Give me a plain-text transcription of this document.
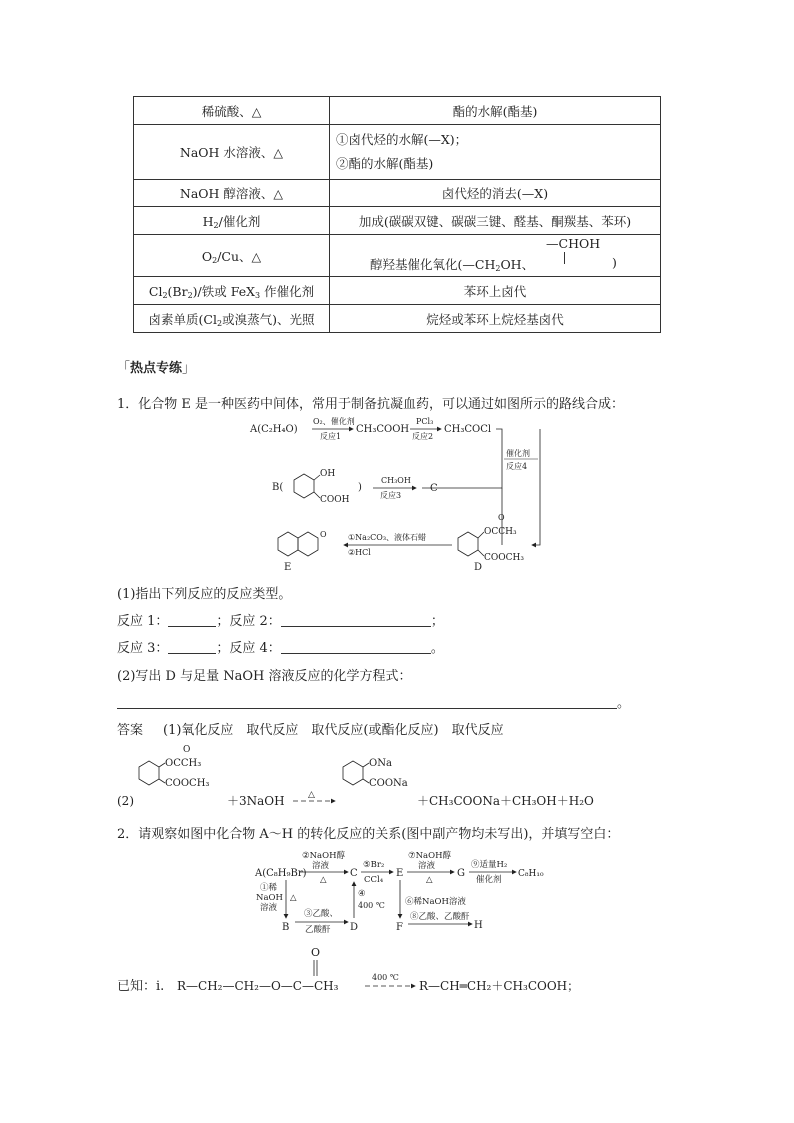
稀硫酸、△	酯的水解(酯基)
NaOH 水溶液、△	①卤代烃的水解(—X)；
②酯的水解(酯基)

NaOH 醇溶液、△	卤代烃的消去(—X)
$H_2/$催化剂	加成(碳碳双键、碳碳三键、醛基、酮羰基、苯环)
$O_2/Cu$、△	—CHOH
醇羟基催化氧化($—CH_2OH$、 )

$Cl_2(Br_2)/$铁或 FeX$_3$ 作催化剂	苯环上卤代
卤素单质($Cl_2$或溴蒸气)、光照	烷烃或苯环上烷烃基卤代
「热点专练」
1．化合物 E 是一种医药中间体，常用于制备抗凝血药，可以通过如图所示的路线合成：
A(C₂H₄O)
O₂、催化剂
反应1
CH₃COOH
PCl₃
反应2
CH₃COCl
催化剂
反应4
B(
OH
COOH
)
CH₃OH
反应3
C
O
OCCH₃
COOCH₃
D
①Na₂CO₃、液体石蜡
②HCl
O
E
(1)指出下列反应的反应类型。
反应 1：	；反应 2：	；
反应 3：	；反应 4：	。
(2)写出 D 与足量 NaOH 溶液反应的化学方程式：
。
答案 (1)氧化反应　取代反应　取代反应(或酯化反应)　取代反应
(2)
O
OCCH₃
COOCH₃
＋3NaOH	△
ONa
COONa
＋CH₃COONa＋CH₃OH＋H₂O
2．请观察如图中化合物 A～H 的转化反应的关系(图中副产物均未写出)，并填写空白：
A(C₈H₉Br)
②NaOH醇
溶液
△
C
⑤Br₂
CCl₄
E
⑦NaOH醇
溶液
△
G
⑨适量H₂
催化剂
C₈H₁₀
①稀
NaOH
溶液
△
B
③乙酸、
乙酸酐 D
④
400 ℃ ⑥稀NaOH溶液
F
⑧乙酸、乙酸酐
H
已知：ⅰ.
O
R—CH₂—CH₂—O—C—CH₃
400 ℃
R—CH═CH₂＋CH₃COOH；
